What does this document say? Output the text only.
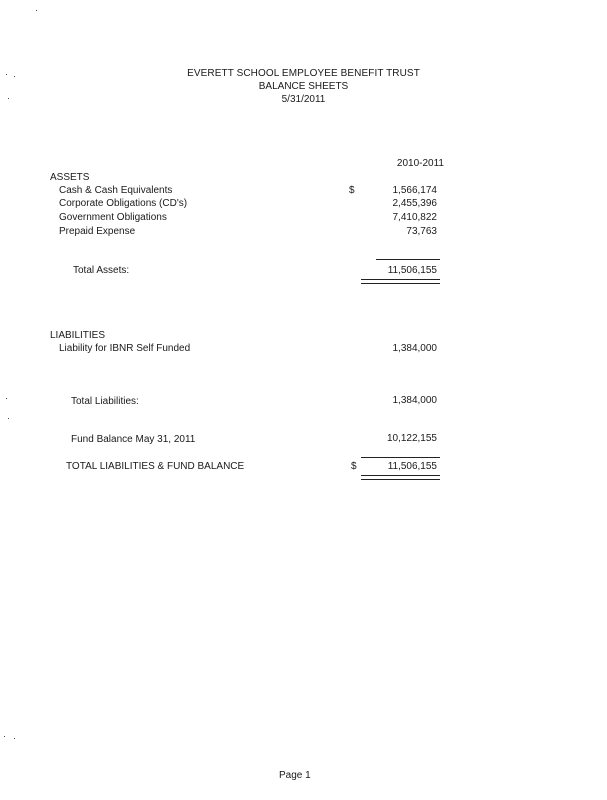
EVERETT SCHOOL EMPLOYEE BENEFIT TRUST
BALANCE SHEETS
5/31/2011
2010-2011
ASSETS
Cash & Cash Equivalents	$	1,566,174
Corporate Obligations (CD's)	2,455,396
Government Obligations	7,410,822
Prepaid Expense	73,763
Total Assets:	11,506,155
LIABILITIES
Liability for IBNR Self Funded	1,384,000
Total Liabilities:	1,384,000
Fund Balance May 31, 2011	10,122,155
TOTAL LIABILITIES & FUND BALANCE	$	11,506,155
Page 1
